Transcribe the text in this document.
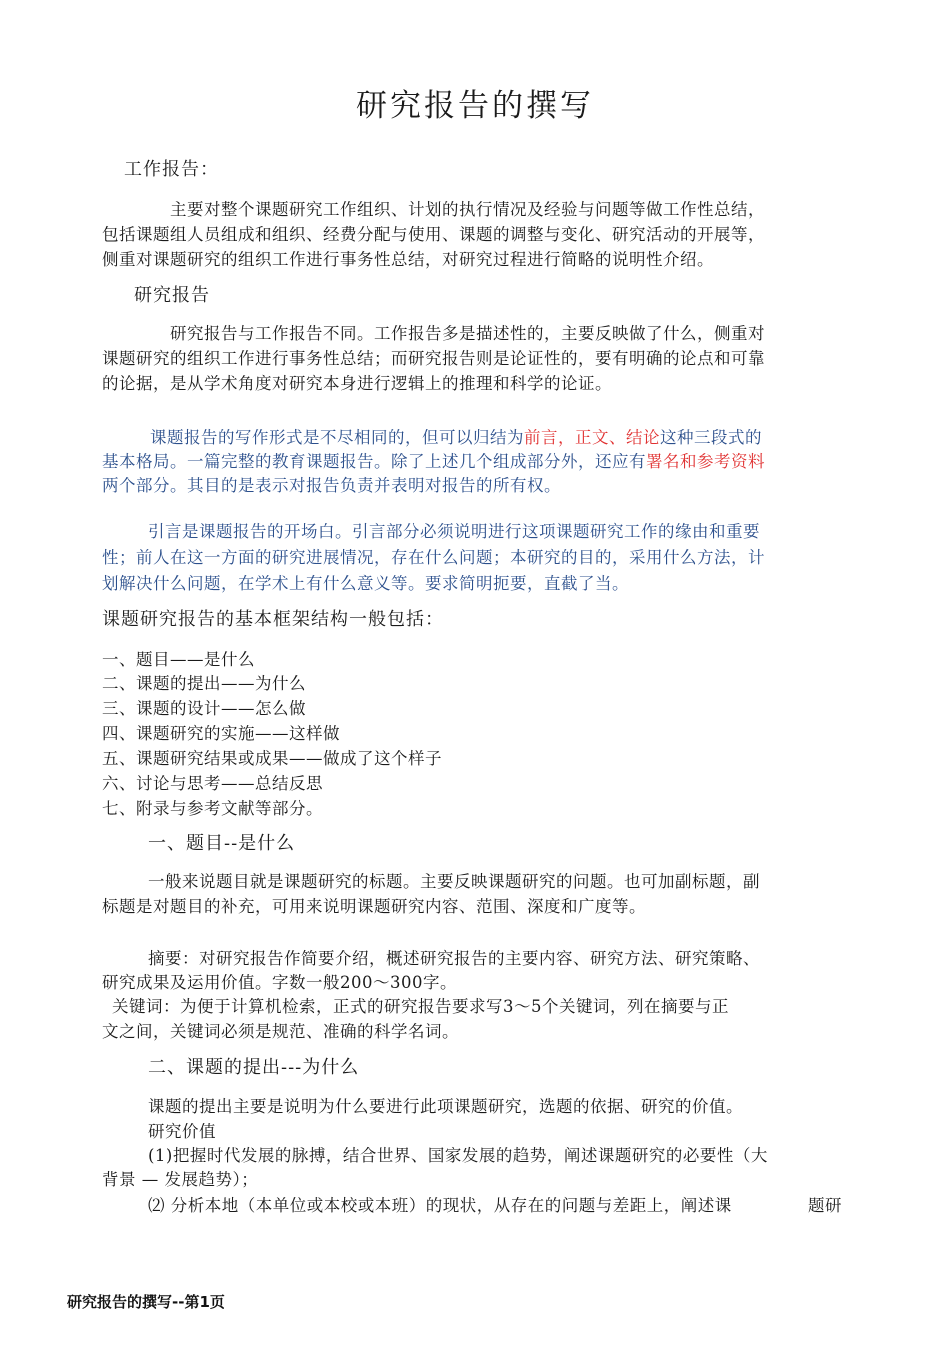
研究报告的撰写
工作报告：
主要对整个课题研究工作组织、计划的执行情况及经验与问题等做工作性总结，
包括课题组人员组成和组织、经费分配与使用、课题的调整与变化、研究活动的开展等，
侧重对课题研究的组织工作进行事务性总结，对研究过程进行简略的说明性介绍。
研究报告
研究报告与工作报告不同。工作报告多是描述性的，主要反映做了什么，侧重对
课题研究的组织工作进行事务性总结；而研究报告则是论证性的，要有明确的论点和可靠
的论据，是从学术角度对研究本身进行逻辑上的推理和科学的论证。
课题报告的写作形式是不尽相同的，但可以归结为前言，正文、结论这种三段式的
基本格局。一篇完整的教育课题报告。除了上述几个组成部分外，还应有署名和参考资料
两个部分。其目的是表示对报告负责并表明对报告的所有权。
引言是课题报告的开场白。引言部分必须说明进行这项课题研究工作的缘由和重要
性；前人在这一方面的研究进展情况，存在什么问题；本研究的目的，采用什么方法，计
划解决什么问题，在学术上有什么意义等。要求简明扼要，直截了当。
课题研究报告的基本框架结构一般包括：
一、题目——是什么
二、课题的提出——为什么
三、课题的设计——怎么做
四、课题研究的实施——这样做
五、课题研究结果或成果——做成了这个样子
六、讨论与思考——总结反思
七、附录与参考文献等部分。
一、题目--是什么
一般来说题目就是课题研究的标题。主要反映课题研究的问题。也可加副标题，副
标题是对题目的补充，可用来说明课题研究内容、范围、深度和广度等。
摘要：对研究报告作简要介绍，概述研究报告的主要内容、研究方法、研究策略、
研究成果及运用价值。字数一般200～300字。
关键词：为便于计算机检索，正式的研究报告要求写3～5个关键词，列在摘要与正
文之间，关键词必须是规范、准确的科学名词。
二、课题的提出---为什么
课题的提出主要是说明为什么要进行此项课题研究，选题的依据、研究的价值。
研究价值
(1)把握时代发展的脉搏，结合世界、国家发展的趋势，阐述课题研究的必要性（大
背景 — 发展趋势）；
⑵ 分析本地（本单位或本校或本班）的现状，从存在的问题与差距上，阐述课	题研
研究报告的撰写--第1页
